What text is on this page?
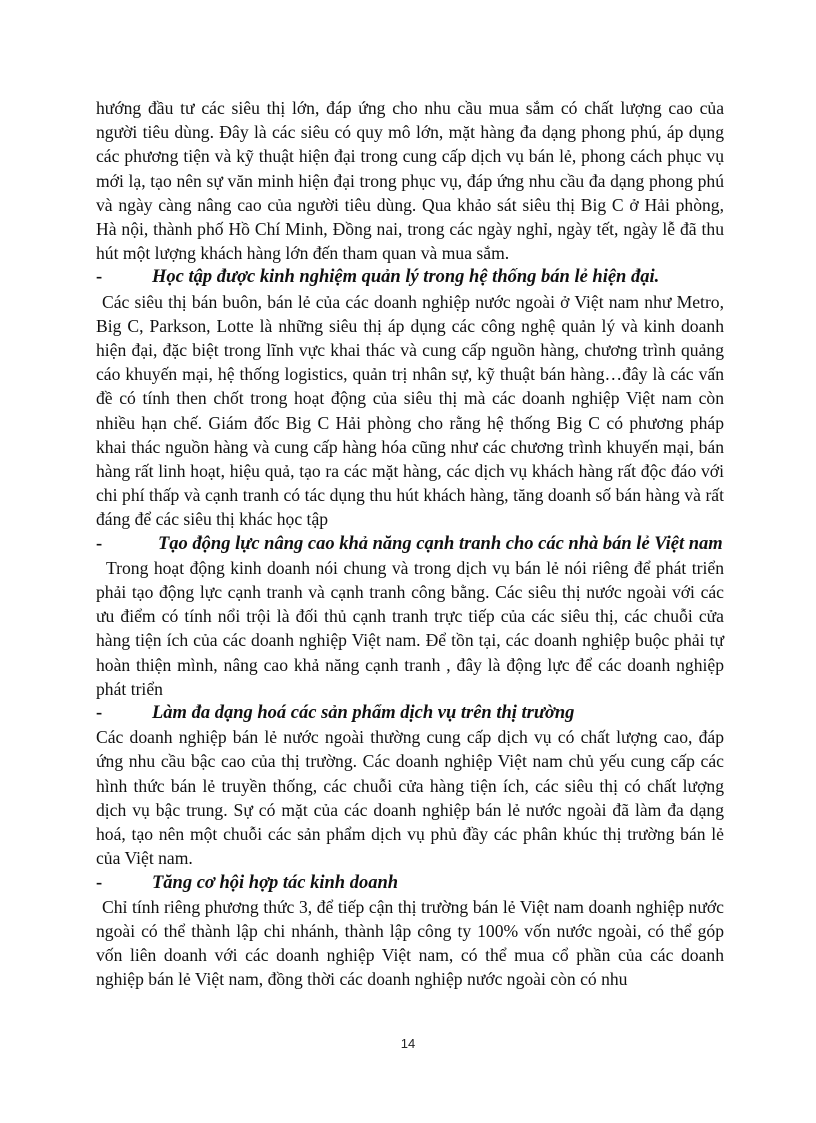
hướng đầu tư các siêu thị lớn, đáp ứng cho nhu cầu mua sắm có chất lượng cao của người tiêu dùng. Đây là các siêu có quy mô lớn, mặt hàng đa dạng phong phú, áp dụng các phương tiện và kỹ thuật hiện đại trong cung cấp dịch vụ bán lẻ, phong cách phục vụ mới lạ, tạo nên sự văn minh hiện đại trong phục vụ, đáp ứng nhu cầu đa dạng phong phú và ngày càng nâng cao của người tiêu dùng. Qua khảo sát siêu thị Big C ở Hải phòng, Hà nội, thành phố Hồ Chí Minh, Đồng nai, trong các ngày nghỉ, ngày tết, ngày lễ đã thu hút một lượng khách hàng lớn đến tham quan và mua sắm.

-	Học tập được kinh nghiệm quản lý trong hệ thống bán lẻ hiện đại.

Các siêu thị bán buôn, bán lẻ của các doanh nghiệp nước ngoài ở Việt nam như Metro, Big C, Parkson, Lotte là những siêu thị áp dụng các công nghệ quản lý và kinh doanh hiện đại, đặc biệt trong lĩnh vực khai thác và cung cấp nguồn hàng, chương trình quảng cáo khuyến mại, hệ thống logistics, quản trị nhân sự, kỹ thuật bán hàng…đây là các vấn đề có tính then chốt trong hoạt động của siêu thị mà các doanh nghiệp Việt nam còn nhiều hạn chế. Giám đốc Big C Hải phòng cho rằng hệ thống Big C có phương pháp khai thác nguồn hàng và cung cấp hàng hóa cũng như các chương trình khuyến mại, bán hàng rất linh hoạt, hiệu quả, tạo ra các mặt hàng, các dịch vụ khách hàng rất độc đáo với chi phí thấp và cạnh tranh có tác dụng thu hút khách hàng, tăng doanh số bán hàng và rất đáng để các siêu thị khác học tập

-	Tạo động lực nâng cao khả năng cạnh tranh cho các nhà bán lẻ Việt nam

Trong hoạt động kinh doanh nói chung và trong dịch vụ bán lẻ nói riêng để phát triển phải tạo động lực cạnh tranh và cạnh tranh công bằng. Các siêu thị nước ngoài với các ưu điểm có tính nổi trội là đối thủ cạnh tranh trực tiếp của các siêu thị, các chuỗi cửa hàng tiện ích của các doanh nghiệp Việt nam. Để tồn tại, các doanh nghiệp buộc phải tự hoàn thiện mình, nâng cao khả năng cạnh tranh , đây là động lực để các doanh nghiệp phát triển

-	Làm đa dạng hoá các sản phẩm dịch vụ trên thị trường

Các doanh nghiệp bán lẻ nước ngoài thường cung cấp dịch vụ có chất lượng cao, đáp ứng nhu cầu bậc cao của thị trường. Các doanh nghiệp Việt nam chủ yếu cung cấp các hình thức bán lẻ truyền thống, các chuỗi cửa hàng tiện ích, các siêu thị có chất lượng dịch vụ bậc trung. Sự có mặt của các doanh nghiệp bán lẻ nước ngoài đã làm đa dạng hoá, tạo nên một chuỗi các sản phẩm dịch vụ phủ đầy các phân khúc thị trường bán lẻ của Việt nam.

-	Tăng cơ hội hợp tác kinh doanh

Chỉ tính riêng phương thức 3, để tiếp cận thị trường bán lẻ Việt nam doanh nghiệp nước ngoài có thể thành lập chi nhánh, thành lập công ty 100% vốn nước ngoài, có thể góp vốn liên doanh với các doanh nghiệp Việt nam, có thể mua cổ phần của các doanh nghiệp bán lẻ Việt nam, đồng thời các doanh nghiệp nước ngoài còn có nhu

14
